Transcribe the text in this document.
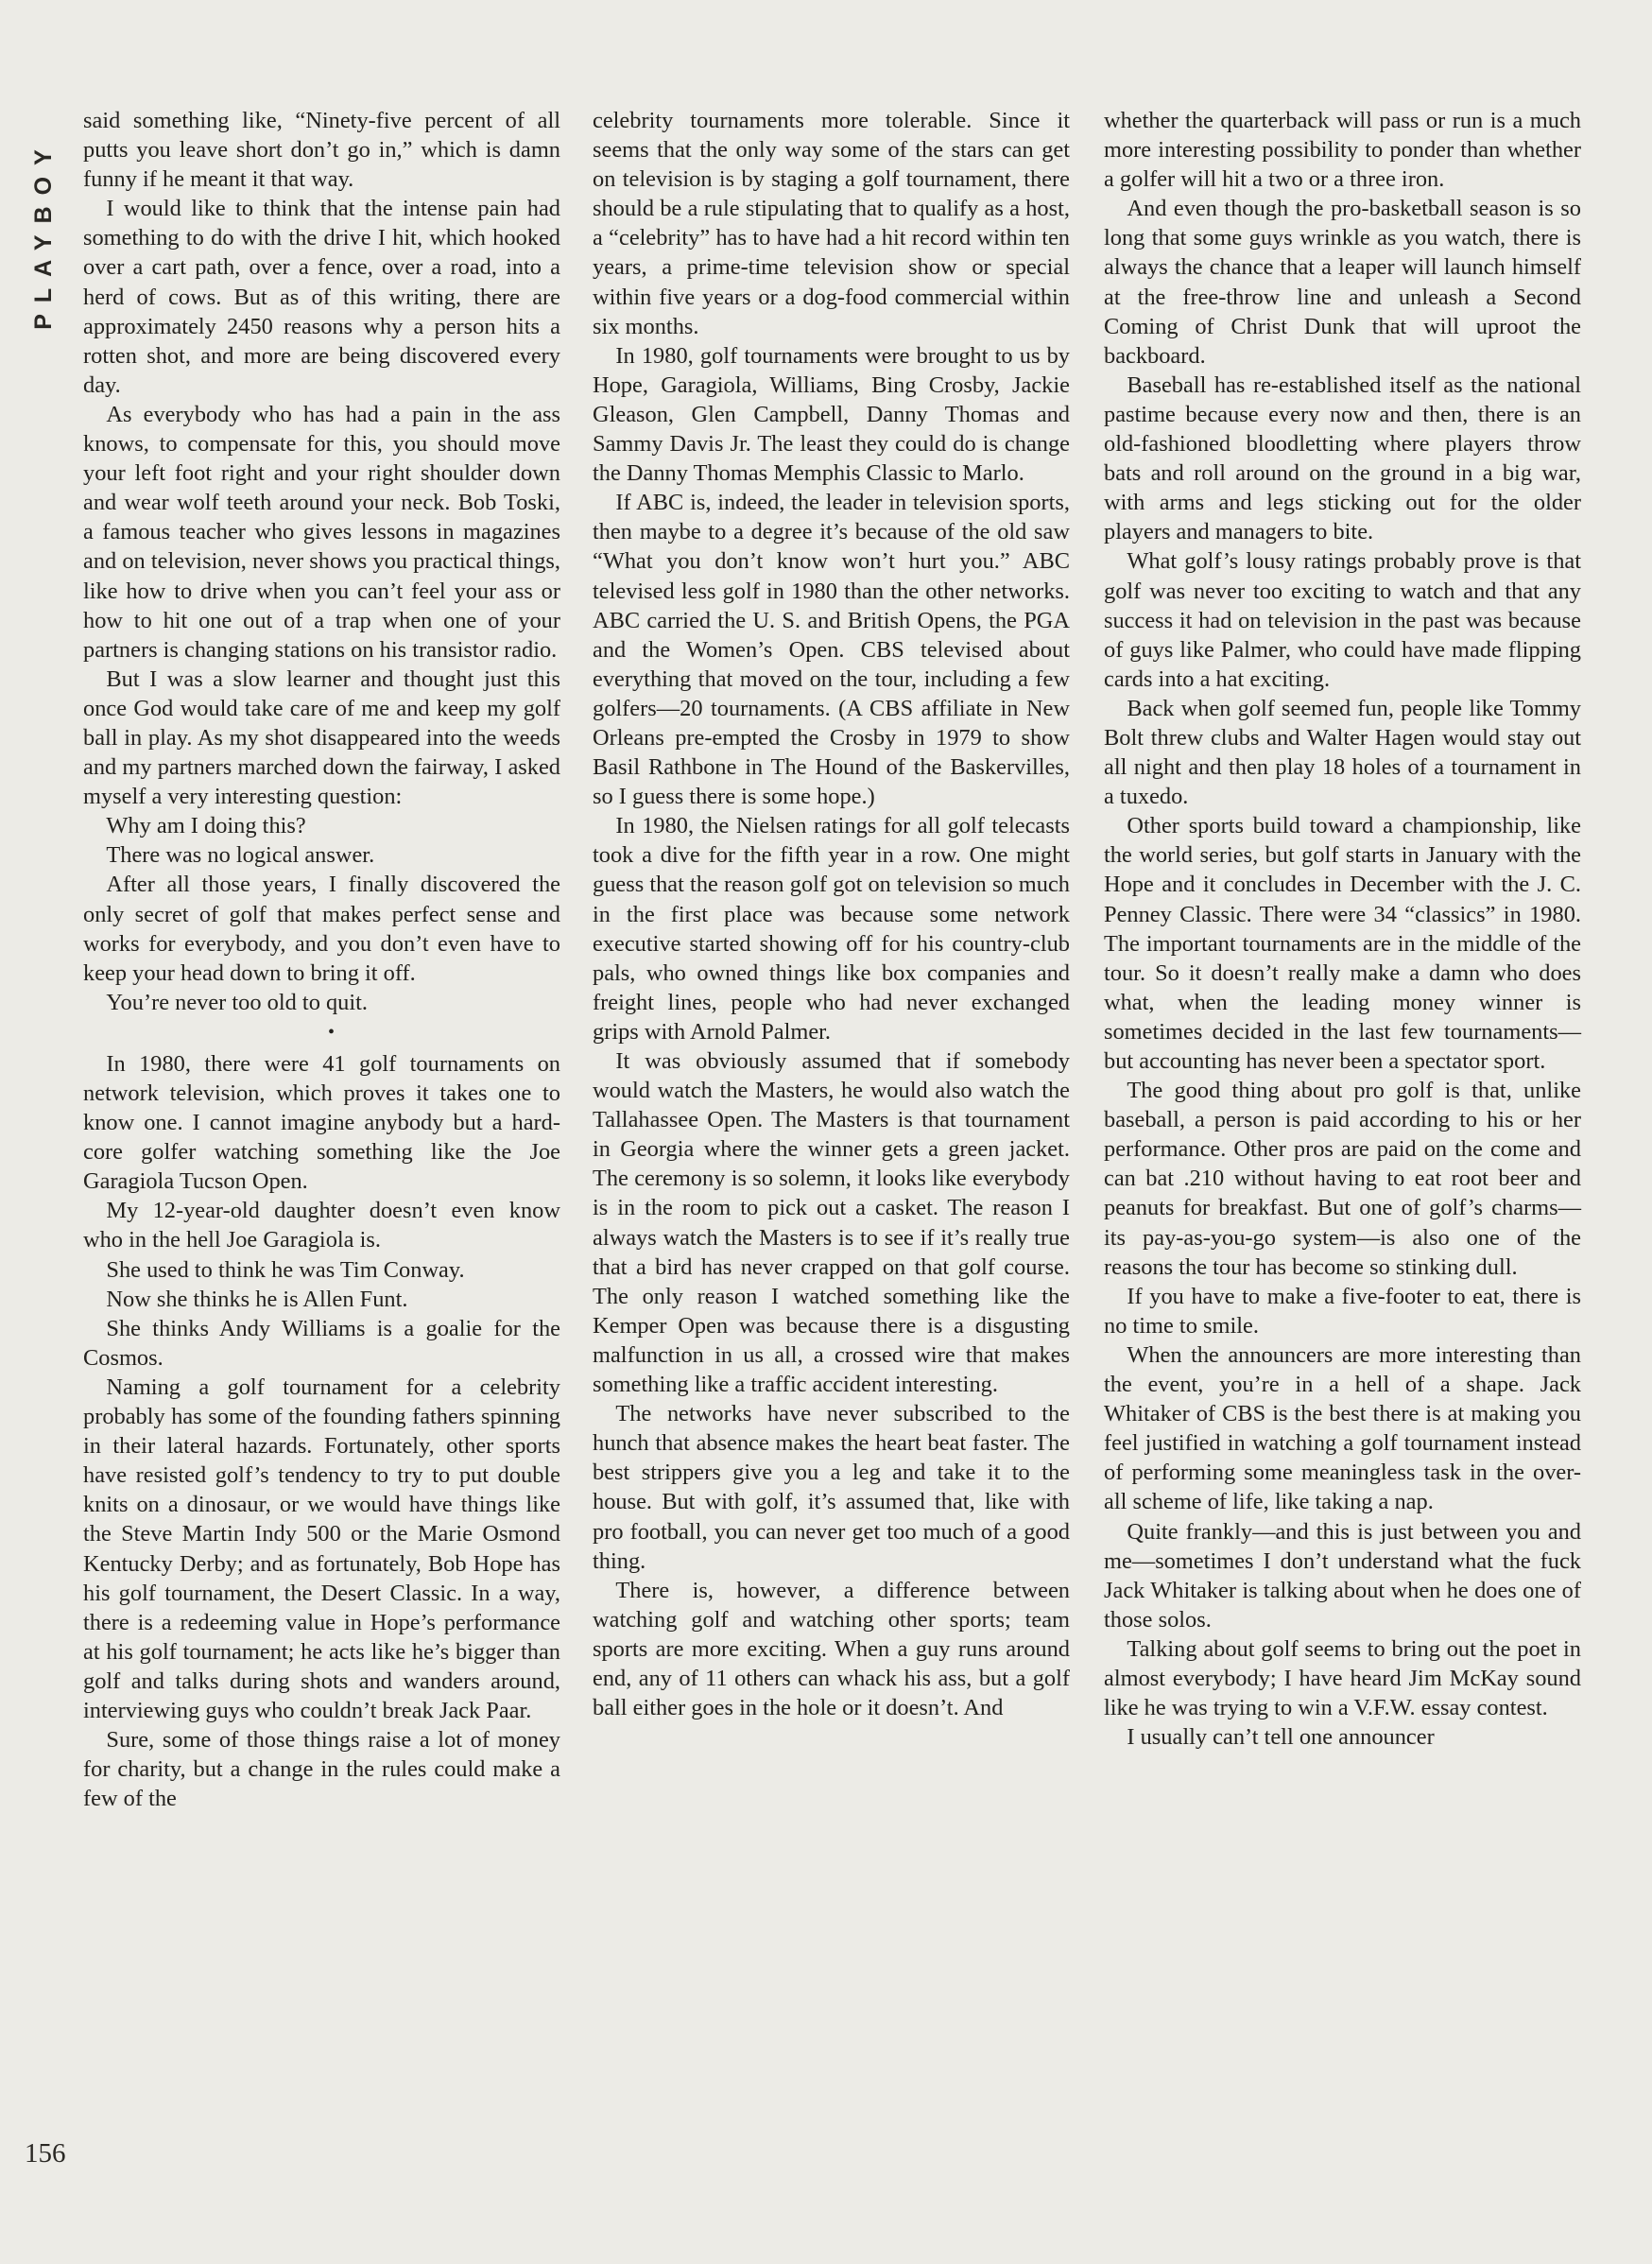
PLAYBOY

said something like, “Ninety-five percent of all putts you leave short don’t go in,” which is damn funny if he meant it that way.

I would like to think that the intense pain had something to do with the drive I hit, which hooked over a cart path, over a fence, over a road, into a herd of cows. But as of this writing, there are approximately 2450 reasons why a person hits a rotten shot, and more are being discovered every day.

As everybody who has had a pain in the ass knows, to compensate for this, you should move your left foot right and your right shoulder down and wear wolf teeth around your neck. Bob Toski, a famous teacher who gives lessons in magazines and on television, never shows you practical things, like how to drive when you can’t feel your ass or how to hit one out of a trap when one of your partners is changing stations on his transistor radio.

But I was a slow learner and thought just this once God would take care of me and keep my golf ball in play. As my shot disappeared into the weeds and my partners marched down the fairway, I asked myself a very interesting question:

Why am I doing this?

There was no logical answer.

After all those years, I finally discovered the only secret of golf that makes perfect sense and works for everybody, and you don’t even have to keep your head down to bring it off.

You’re never too old to quit.

•

In 1980, there were 41 golf tournaments on network television, which proves it takes one to know one. I cannot imagine anybody but a hard-core golfer watching something like the Joe Garagiola Tucson Open.

My 12-year-old daughter doesn’t even know who in the hell Joe Garagiola is.

She used to think he was Tim Conway.

Now she thinks he is Allen Funt.

She thinks Andy Williams is a goalie for the Cosmos.

Naming a golf tournament for a celebrity probably has some of the founding fathers spinning in their lateral hazards. Fortunately, other sports have resisted golf’s tendency to try to put double knits on a dinosaur, or we would have things like the Steve Martin Indy 500 or the Marie Osmond Kentucky Derby; and as fortunately, Bob Hope has his golf tournament, the Desert Classic. In a way, there is a redeeming value in Hope’s performance at his golf tournament; he acts like he’s bigger than golf and talks during shots and wanders around, interviewing guys who couldn’t break Jack Paar.

Sure, some of those things raise a lot of money for charity, but a change in the rules could make a few of the

celebrity tournaments more tolerable. Since it seems that the only way some of the stars can get on television is by staging a golf tournament, there should be a rule stipulating that to qualify as a host, a “celebrity” has to have had a hit record within ten years, a prime-time television show or special within five years or a dog-food commercial within six months.

In 1980, golf tournaments were brought to us by Hope, Garagiola, Williams, Bing Crosby, Jackie Gleason, Glen Campbell, Danny Thomas and Sammy Davis Jr. The least they could do is change the Danny Thomas Memphis Classic to Marlo.

If ABC is, indeed, the leader in television sports, then maybe to a degree it’s because of the old saw “What you don’t know won’t hurt you.” ABC televised less golf in 1980 than the other networks. ABC carried the U. S. and British Opens, the PGA and the Women’s Open. CBS televised about everything that moved on the tour, including a few golfers—20 tournaments. (A CBS affiliate in New Orleans pre-empted the Crosby in 1979 to show Basil Rathbone in The Hound of the Baskervilles, so I guess there is some hope.)

In 1980, the Nielsen ratings for all golf telecasts took a dive for the fifth year in a row. One might guess that the reason golf got on television so much in the first place was because some network executive started showing off for his country-club pals, who owned things like box companies and freight lines, people who had never exchanged grips with Arnold Palmer.

It was obviously assumed that if somebody would watch the Masters, he would also watch the Tallahassee Open. The Masters is that tournament in Georgia where the winner gets a green jacket. The ceremony is so solemn, it looks like everybody is in the room to pick out a casket. The reason I always watch the Masters is to see if it’s really true that a bird has never crapped on that golf course. The only reason I watched something like the Kemper Open was because there is a disgusting malfunction in us all, a crossed wire that makes something like a traffic accident interesting.

The networks have never subscribed to the hunch that absence makes the heart beat faster. The best strippers give you a leg and take it to the house. But with golf, it’s assumed that, like with pro football, you can never get too much of a good thing.

There is, however, a difference between watching golf and watching other sports; team sports are more exciting. When a guy runs around end, any of 11 others can whack his ass, but a golf ball either goes in the hole or it doesn’t. And

whether the quarterback will pass or run is a much more interesting possibility to ponder than whether a golfer will hit a two or a three iron.

And even though the pro-basketball season is so long that some guys wrinkle as you watch, there is always the chance that a leaper will launch himself at the free-throw line and unleash a Second Coming of Christ Dunk that will uproot the backboard.

Baseball has re-established itself as the national pastime because every now and then, there is an old-fashioned bloodletting where players throw bats and roll around on the ground in a big war, with arms and legs sticking out for the older players and managers to bite.

What golf’s lousy ratings probably prove is that golf was never too exciting to watch and that any success it had on television in the past was because of guys like Palmer, who could have made flipping cards into a hat exciting.

Back when golf seemed fun, people like Tommy Bolt threw clubs and Walter Hagen would stay out all night and then play 18 holes of a tournament in a tuxedo.

Other sports build toward a championship, like the world series, but golf starts in January with the Hope and it concludes in December with the J. C. Penney Classic. There were 34 “classics” in 1980. The important tournaments are in the middle of the tour. So it doesn’t really make a damn who does what, when the leading money winner is sometimes decided in the last few tournaments—but accounting has never been a spectator sport.

The good thing about pro golf is that, unlike baseball, a person is paid according to his or her performance. Other pros are paid on the come and can bat .210 without having to eat root beer and peanuts for breakfast. But one of golf’s charms—its pay-as-you-go system—is also one of the reasons the tour has become so stinking dull.

If you have to make a five-footer to eat, there is no time to smile.

When the announcers are more interesting than the event, you’re in a hell of a shape. Jack Whitaker of CBS is the best there is at making you feel justified in watching a golf tournament instead of performing some meaningless task in the over-all scheme of life, like taking a nap.

Quite frankly—and this is just between you and me—sometimes I don’t understand what the fuck Jack Whitaker is talking about when he does one of those solos.

Talking about golf seems to bring out the poet in almost everybody; I have heard Jim McKay sound like he was trying to win a V.F.W. essay contest.

I usually can’t tell one announcer

156
